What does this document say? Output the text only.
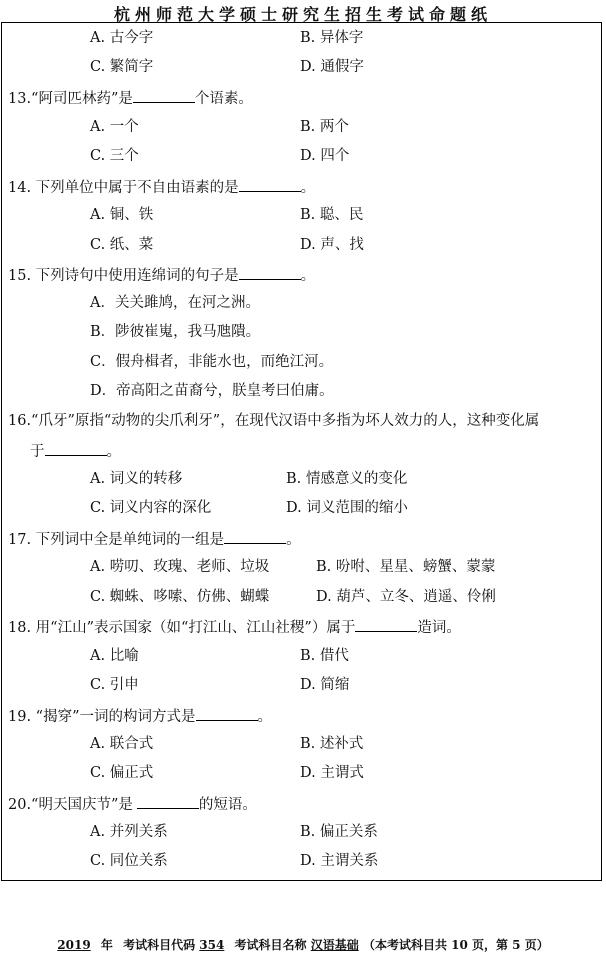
杭州师范大学硕士研究生招生考试命题纸
A. 古今字	B. 异体字
C. 繁简字	D. 通假字
13.“阿司匹林药”是	个语素。
A. 一个	B. 两个
C. 三个	D. 四个
14. 下列单位中属于不自由语素的是	。
A. 铜、铁	B. 聪、民
C. 纸、菜	D. 声、找
15. 下列诗句中使用连绵词的句子是	。
A．关关雎鸠，在河之洲。
B．陟彼崔嵬，我马虺隤。
C．假舟楫者，非能水也，而绝江河。
D．帝高阳之苗裔兮，朕皇考曰伯庸。
16.“爪牙”原指“动物的尖爪利牙”，在现代汉语中多指为坏人效力的人，这种变化属
于	。
A. 词义的转移	B. 情感意义的变化
C. 词义内容的深化	D. 词义范围的缩小
17. 下列词中全是单纯词的一组是	。
A. 唠叨、玫瑰、老师、垃圾	B. 吩咐、星星、螃蟹、蒙蒙
C. 蜘蛛、哆嗦、仿佛、蝴蝶	D. 葫芦、立冬、逍遥、伶俐
18. 用“江山”表示国家（如“打江山、江山社稷”）属于	造词。
A. 比喻	B. 借代
C. 引申	D. 简缩
19. “揭穿”一词的构词方式是	。
A. 联合式	B. 述补式
C. 偏正式	D. 主谓式
20.“明天国庆节”是	的短语。
A. 并列关系	B. 偏正关系
C. 同位关系	D. 主谓关系
2019 年 考试科目代码 354 考试科目名称 汉语基础 （本考试科目共 10 页，第 5 页）
